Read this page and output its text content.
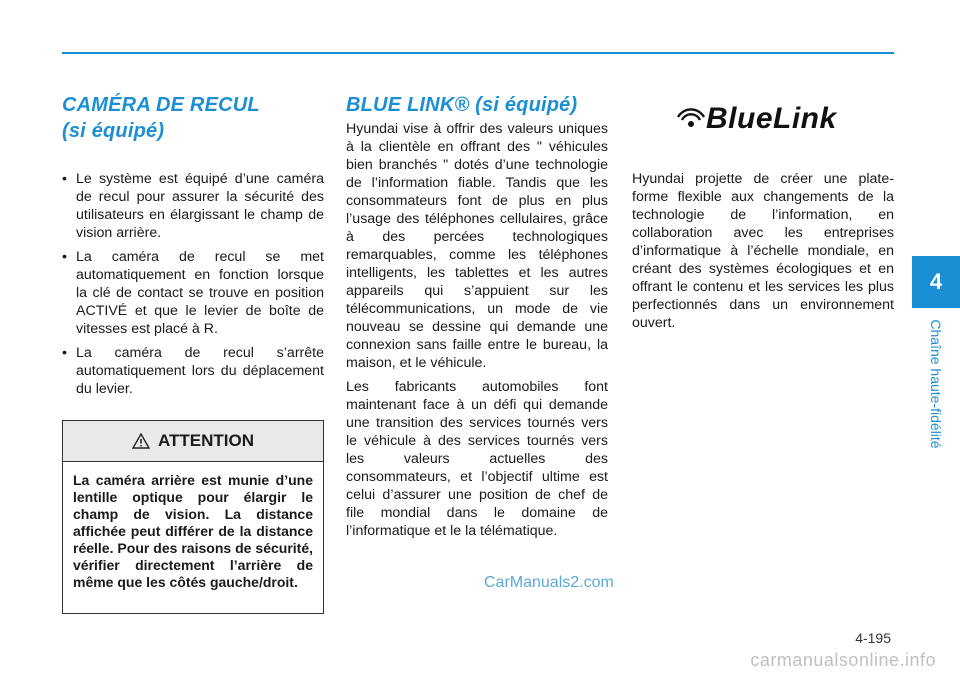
CAMÉRA DE RECUL
(si équipé)
• Le système est équipé d’une caméra de recul pour assurer la sécurité des utilisateurs en élargissant le champ de vision arrière.
• La caméra de recul se met automatiquement en fonction lorsque la clé de contact se trouve en position ACTIVÉ et que le levier de boîte de vitesses est placé à R.
• La caméra de recul s’arrête automatiquement lors du déplacement du levier.
ATTENTION
La caméra arrière est munie d’une lentille optique pour élargir le champ de vision. La distance affichée peut différer de la distance réelle. Pour des raisons de sécurité, vérifier directement l’arrière de même que les côtés gauche/droit.
BLUE LINK® (si équipé)

Hyundai vise à offrir des valeurs uniques à la clientèle en offrant des " véhicules bien branchés " dotés d’une technologie de l’information fiable. Tandis que les consommateurs font de plus en plus l’usage des téléphones cellulaires, grâce à des percées technologiques remarquables, comme les téléphones intelligents, les tablettes et les autres appareils qui s’appuient sur les télécommunications, un mode de vie nouveau se dessine qui demande une connexion sans faille entre le bureau, la maison, et le véhicule.

Les fabricants automobiles font maintenant face à un défi qui demande une transition des services tournés vers le véhicule à des services tournés vers les valeurs actuelles des consommateurs, et l’objectif ultime est celui d’assurer une position de chef de file mondial dans le domaine de l’informatique et le la télématique.

BlueLink

Hyundai projette de créer une plate-forme flexible aux changements de la technologie de l’information, en collaboration avec les entreprises d’informatique à l’échelle mondiale, en créant des systèmes écologiques et en offrant le contenu et les services les plus perfectionnés dans un environnement ouvert.

4
Chaîne haute-fidélité
CarManuals2.com
4-195
carmanualsonline.info
